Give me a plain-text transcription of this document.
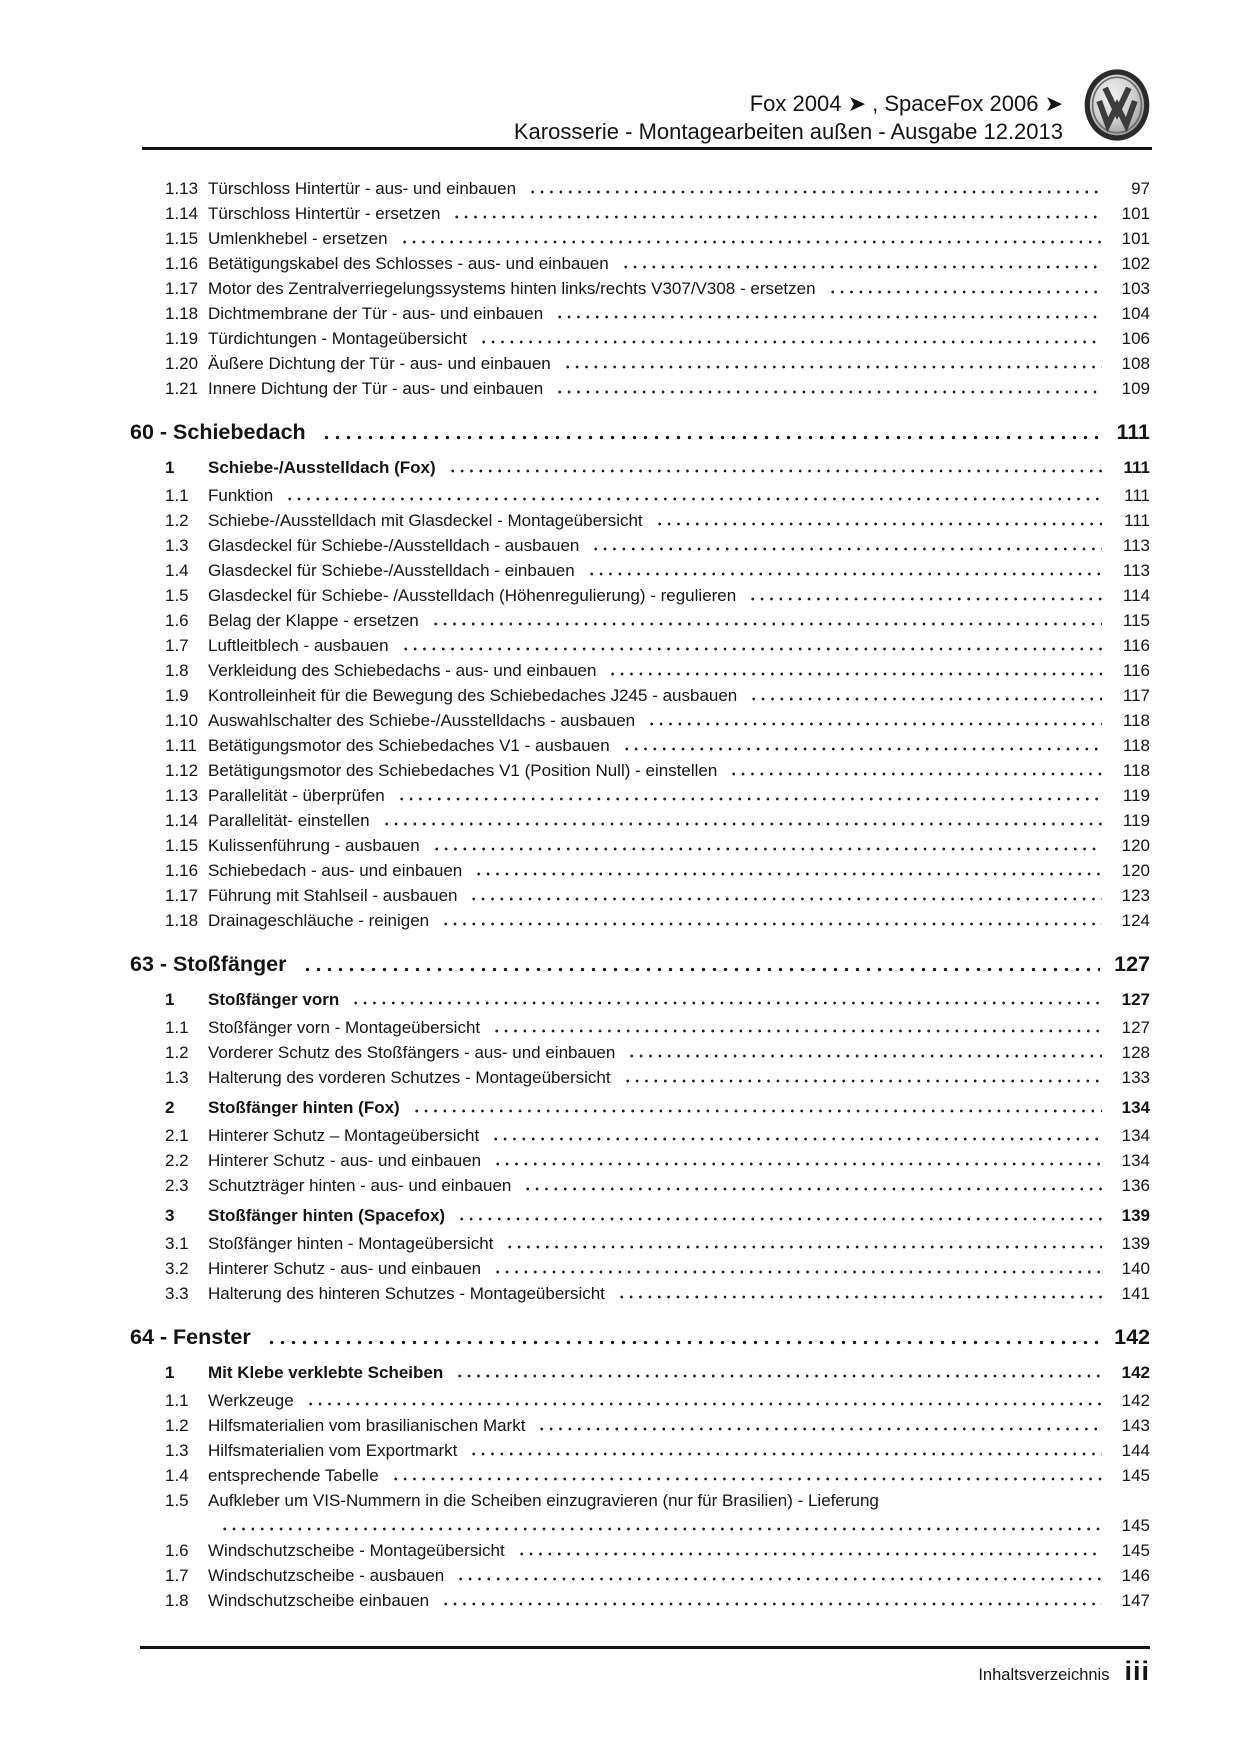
Fox 2004 ➤ , SpaceFox 2006 ➤
Karosserie - Montagearbeiten außen - Ausgabe 12.2013
1.13 Türschloss Hintertür - aus- und einbauen	97
1.14 Türschloss Hintertür - ersetzen	101
1.15 Umlenkhebel - ersetzen	101
1.16 Betätigungskabel des Schlosses - aus- und einbauen	102
1.17 Motor des Zentralverriegelungssystems hinten links/rechts V307/V308 - ersetzen	103
1.18 Dichtmembrane der Tür - aus- und einbauen	104
1.19 Türdichtungen - Montageübersicht	106
1.20 Äußere Dichtung der Tür - aus- und einbauen	108
1.21 Innere Dichtung der Tür - aus- und einbauen	109
60 - Schiebedach	111
1	Schiebe-/Ausstelldach (Fox)	111
1.1	Funktion	111
1.2	Schiebe-/Ausstelldach mit Glasdeckel - Montageübersicht	111
1.3	Glasdeckel für Schiebe-/Ausstelldach - ausbauen	113
1.4	Glasdeckel für Schiebe-/Ausstelldach - einbauen	113
1.5	Glasdeckel für Schiebe- /Ausstelldach (Höhenregulierung) - regulieren	114
1.6	Belag der Klappe - ersetzen	115
1.7	Luftleitblech - ausbauen	116
1.8	Verkleidung des Schiebedachs - aus- und einbauen	116
1.9	Kontrolleinheit für die Bewegung des Schiebedaches J245 - ausbauen	117
1.10 Auswahlschalter des Schiebe-/Ausstelldachs - ausbauen	118
1.11 Betätigungsmotor des Schiebedaches V1 - ausbauen	118
1.12 Betätigungsmotor des Schiebedaches V1 (Position Null) - einstellen	118
1.13 Parallelität - überprüfen	119
1.14 Parallelität- einstellen	119
1.15 Kulissenführung - ausbauen	120
1.16 Schiebedach - aus- und einbauen	120
1.17 Führung mit Stahlseil - ausbauen	123
1.18 Drainageschläuche - reinigen	124
63 - Stoßfänger	127
1	Stoßfänger vorn	127
1.1	Stoßfänger vorn - Montageübersicht	127
1.2	Vorderer Schutz des Stoßfängers - aus- und einbauen	128
1.3	Halterung des vorderen Schutzes - Montageübersicht	133
2	Stoßfänger hinten (Fox)	134
2.1	Hinterer Schutz – Montageübersicht	134
2.2	Hinterer Schutz - aus- und einbauen	134
2.3	Schutzträger hinten - aus- und einbauen	136
3	Stoßfänger hinten (Spacefox)	139
3.1	Stoßfänger hinten - Montageübersicht	139
3.2	Hinterer Schutz - aus- und einbauen	140
3.3	Halterung des hinteren Schutzes - Montageübersicht	141
64 - Fenster	142
1	Mit Klebe verklebte Scheiben	142
1.1	Werkzeuge	142
1.2	Hilfsmaterialien vom brasilianischen Markt	143
1.3	Hilfsmaterialien vom Exportmarkt	144
1.4	entsprechende Tabelle	145
1.5	Aufkleber um VIS-Nummern in die Scheiben einzugravieren (nur für Brasilien) - Lieferung
145
1.6	Windschutzscheibe - Montageübersicht	145
1.7	Windschutzscheibe - ausbauen	146
1.8	Windschutzscheibe einbauen	147
Inhaltsverzeichnis iii
